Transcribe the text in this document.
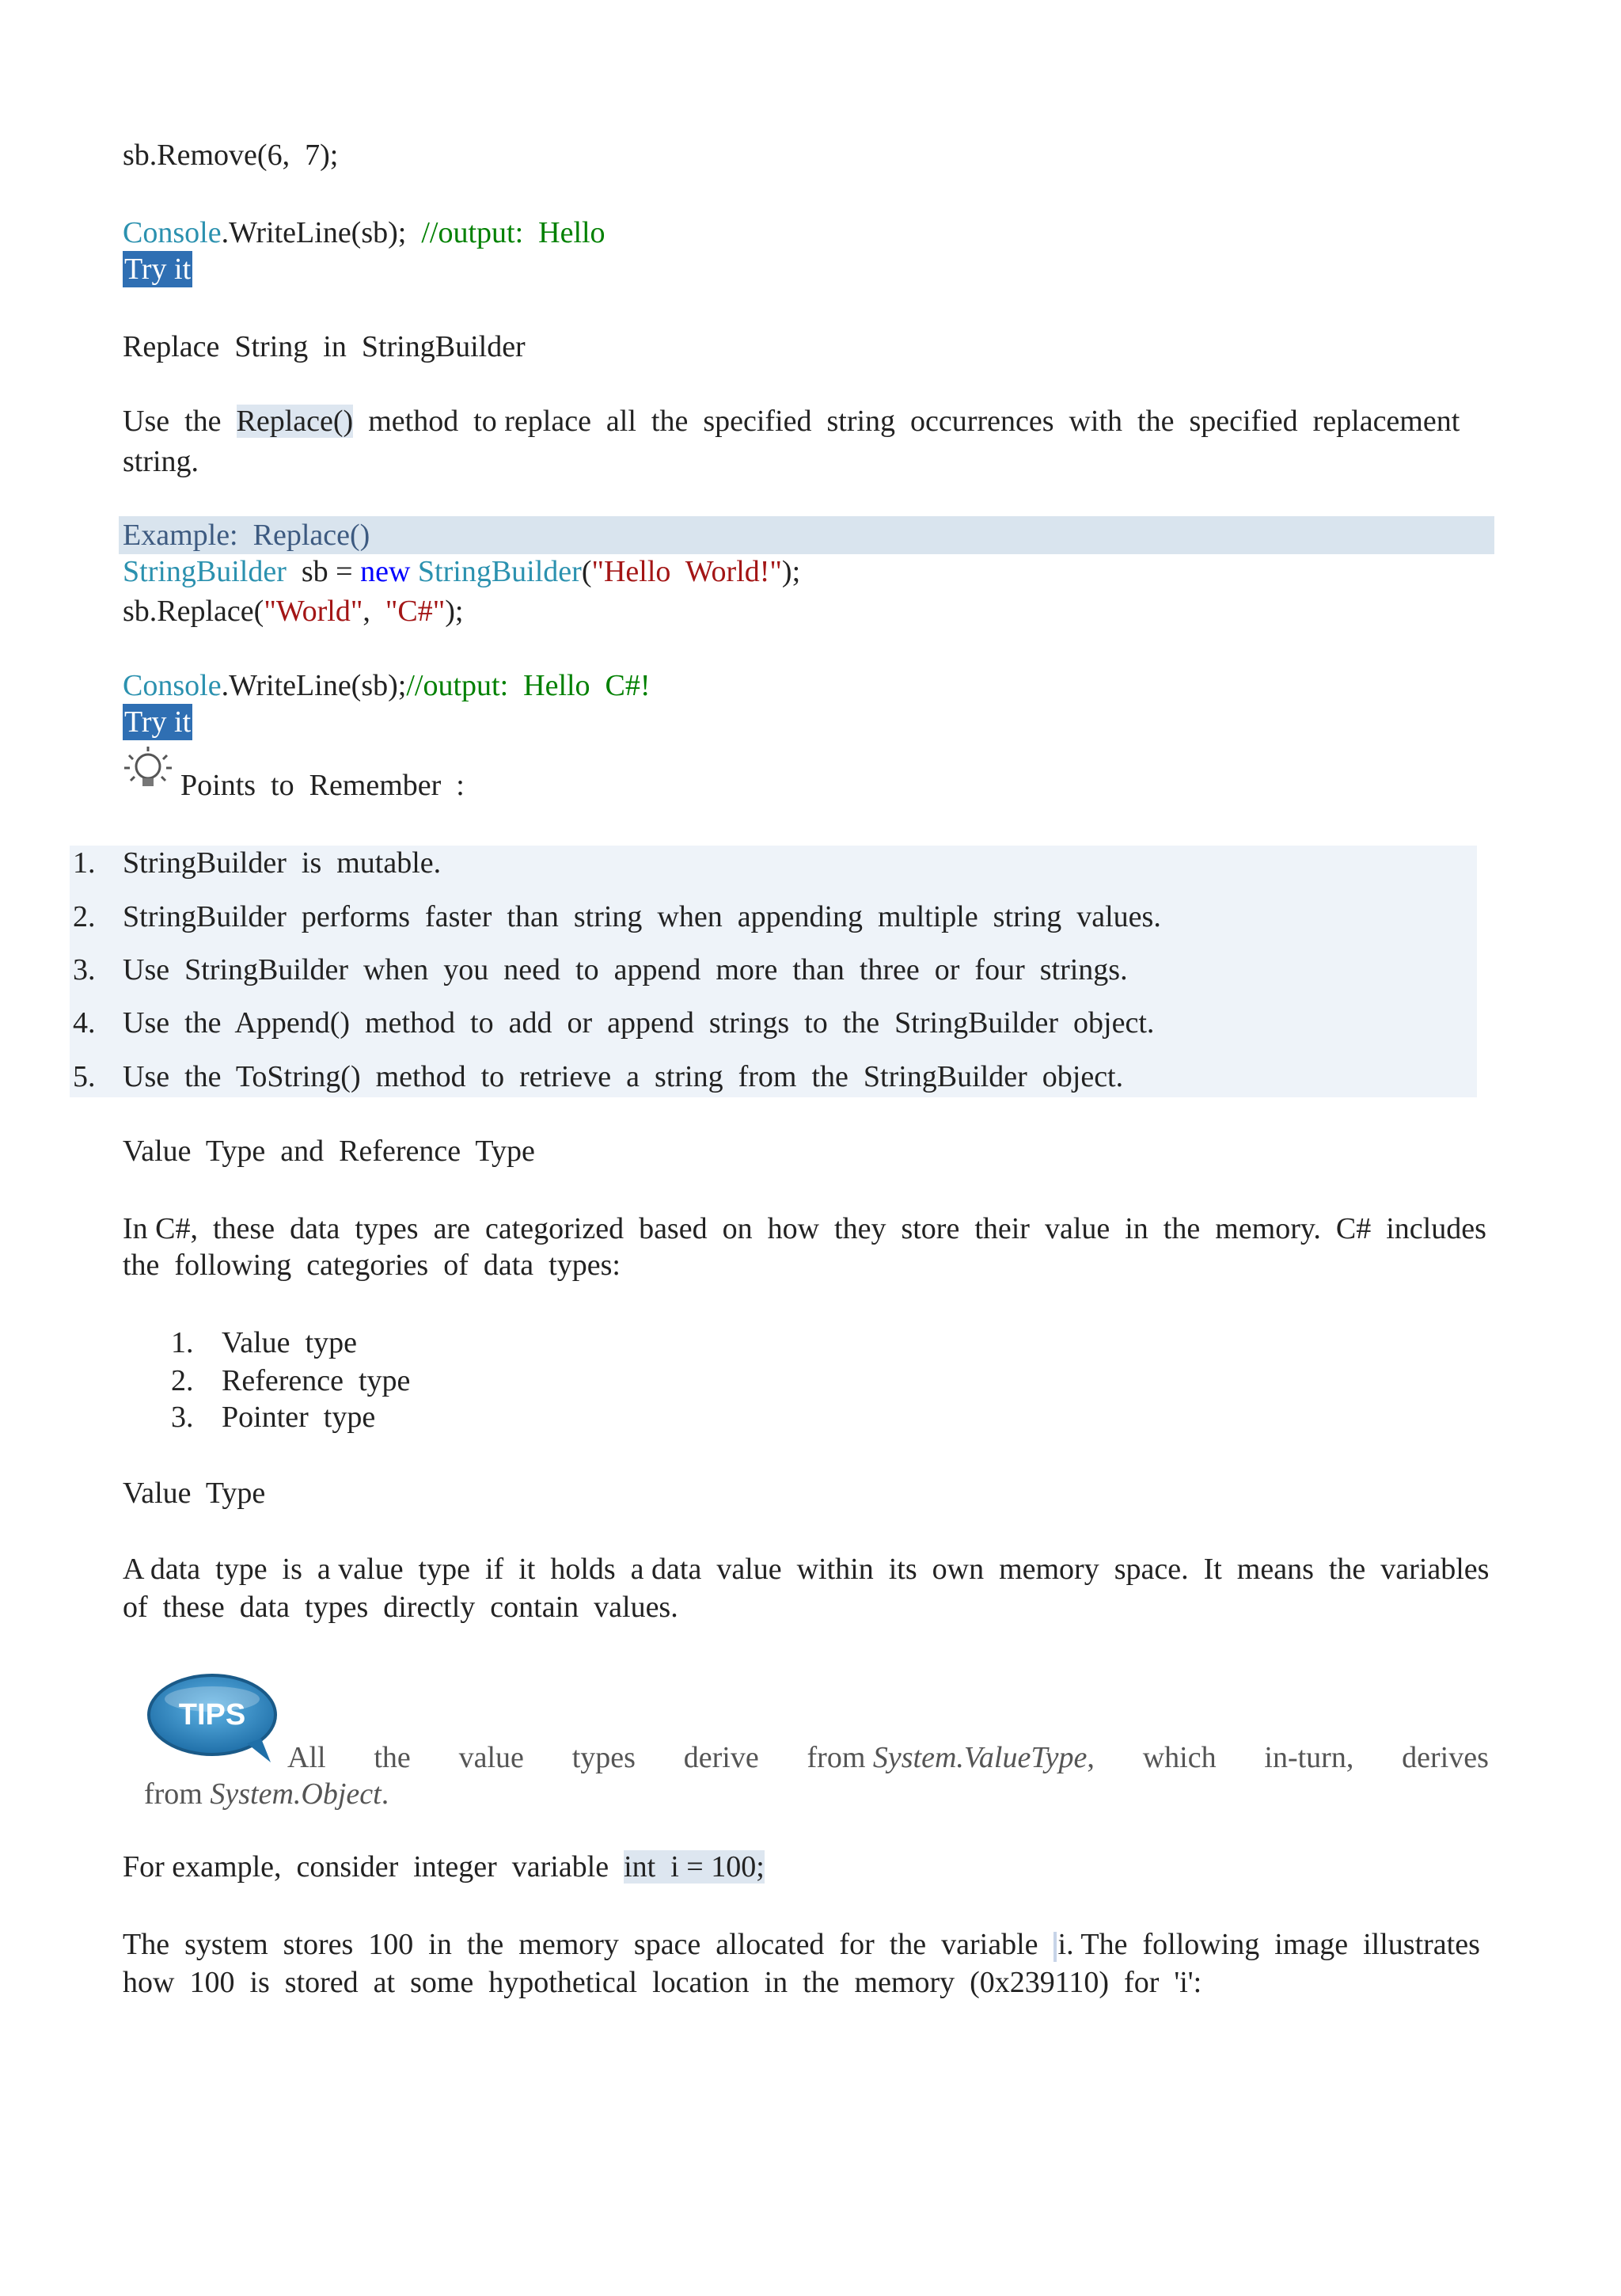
sb.Remove(6,  7);
Console.WriteLine(sb);  //output:  Hello
Try it
Replace  String  in  StringBuilder
Use  the  Replace()  method  to replace  all  the  specified  string  occurrences  with  the  specified  replacement
string.
Example:  Replace()
StringBuilder  sb = new StringBuilder("Hello  World!");
sb.Replace("World",  "C#");
Console.WriteLine(sb);//output:  Hello  C#!
Try it
Points  to  Remember  :
1. StringBuilder  is  mutable.
2. StringBuilder  performs  faster  than  string  when  appending  multiple  string  values.
3. Use  StringBuilder  when  you  need  to  append  more  than  three  or  four  strings.
4. Use  the  Append()  method  to  add  or  append  strings  to  the  StringBuilder  object.
5. Use  the  ToString()  method  to  retrieve  a  string  from  the  StringBuilder  object.
Value  Type  and  Reference  Type
In C#,  these  data  types  are  categorized  based  on  how  they  store  their  value  in  the  memory.  C#  includes
the  following  categories  of  data  types:
1. Value  type
2. Reference  type
3. Pointer  type
Value  Type
A data  type  is  a value  type  if  it  holds  a data  value  within  its  own  memory  space.  It  means  the  variables
of  these  data  types  directly  contain  values.
TIPS
All the value types derive from System.ValueType, which in-turn, derives
from System.Object.
For example,  consider  integer  variable  int  i = 100;
The  system  stores  100  in  the  memory  space  allocated  for  the  variable  i. The  following  image  illustrates
how  100  is  stored  at  some  hypothetical  location  in  the  memory  (0x239110)  for  'i':
